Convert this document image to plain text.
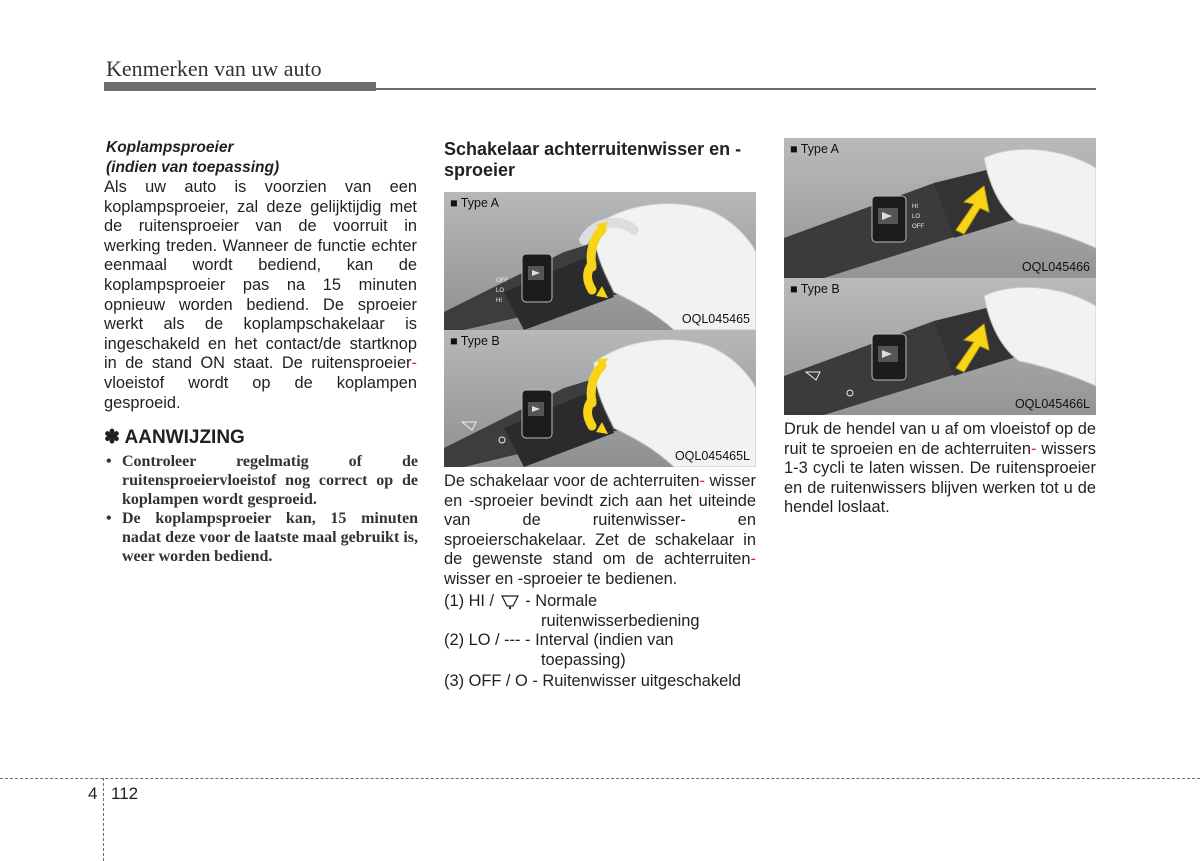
Kenmerken van uw auto
Koplampsproeier
(indien van toepassing)
Als uw auto is voorzien van een koplampsproeier, zal deze gelijktijdig met de ruitensproeier van de voorruit in werking treden. Wanneer de functie echter eenmaal wordt bediend, kan de koplampsproeier pas na 15 minuten opnieuw worden bediend. De sproeier werkt als de koplampschakelaar is ingeschakeld en het contact/de startknop in de stand ON staat. De ruitensproeier- vloeistof wordt op de koplampen gesproeid.
✽ AANWIJZING
• Controleer regelmatig of de ruitensproeiervloeistof nog correct op de koplampen wordt gesproeid.
• De koplampsproeier kan, 15 minuten nadat deze voor de laatste maal gebruikt is, weer worden bediend.
Schakelaar achterruitenwisser en -sproeier
OFF
LO
HI
■ Type A
OQL045465
■ Type B
OQL045465L
De schakelaar voor de achterruiten- wisser en -sproeier bevindt zich aan het uiteinde van de ruitenwisser- en sproeierschakelaar. Zet de schakelaar in de gewenste stand om de achterruiten- wisser en -sproeier te bedienen.
(1) HI / - Normale
ruitenwisserbediening
(2) LO / --- - Interval (indien van
toepassing)
(3) OFF / O - Ruitenwisser uitgeschakeld
HI
LO
OFF
■ Type A
OQL045466
■ Type B
OQL045466L
Druk de hendel van u af om vloeistof op de ruit te sproeien en de achterruiten- wissers 1-3 cycli te laten wissen. De ruitensproeier en de ruitenwissers blijven werken tot u de hendel loslaat.
4 112
